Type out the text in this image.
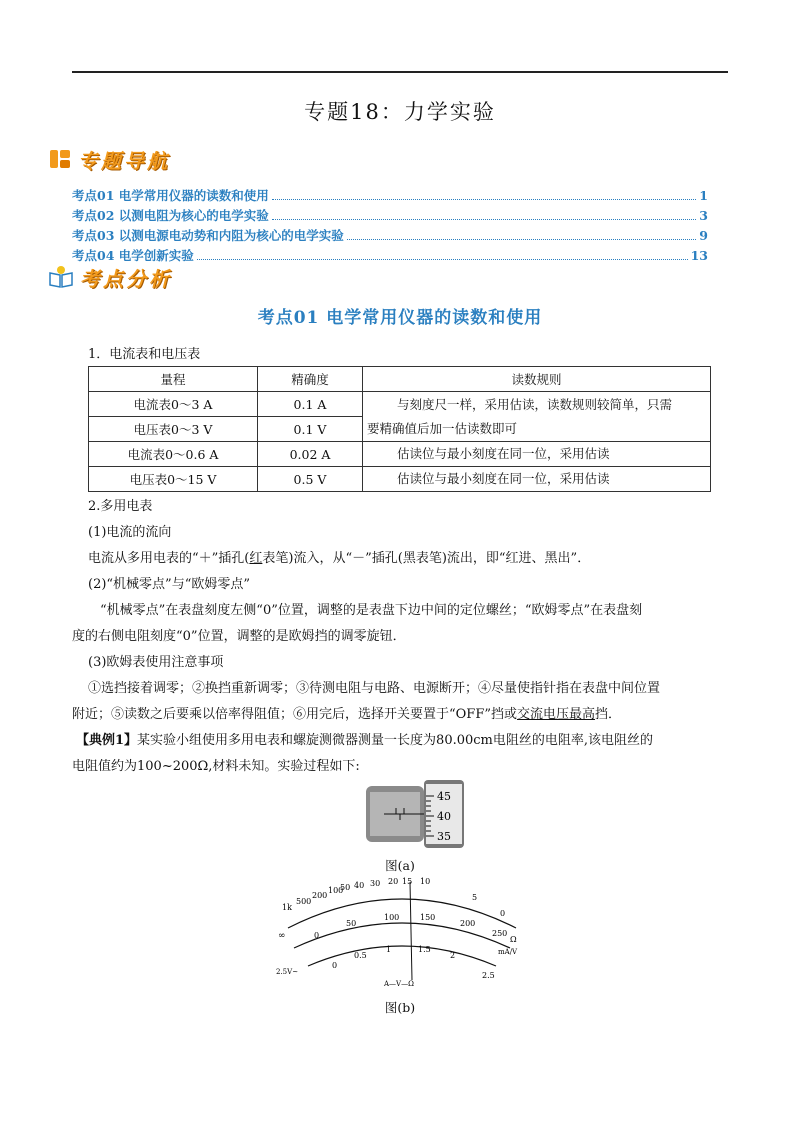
专题18：力学实验
专题导航
考点01 电学常用仪器的读数和使用	1
考点02 以测电阻为核心的电学实验	3
考点03 以测电源电动势和内阻为核心的电学实验	9
考点04 电学创新实验	13
考点分析
考点01 电学常用仪器的读数和使用
1．电流表和电压表
量程	精确度	读数规则
电流表0～3 A	0.1 A	与刻度尺一样，采用估读，读数规则较简单，只需
要精确值后加一估读数即可

电压表0～3 V	0.1 V	
电流表0～0.6 A	0.02 A	估读位与最小刻度在同一位，采用估读
电压表0～15 V	0.5 V	估读位与最小刻度在同一位，采用估读
2.多用电表
(1)电流的流向
电流从多用电表的“＋”插孔(红表笔)流入，从“－”插孔(黑表笔)流出，即“红进、黑出”．
(2)“机械零点”与“欧姆零点”
“机械零点”在表盘刻度左侧“0”位置，调整的是表盘下边中间的定位螺丝；“欧姆零点”在表盘刻
度的右侧电阻刻度“0”位置，调整的是欧姆挡的调零旋钮．
(3)欧姆表使用注意事项
①选挡接着调零；②换挡重新调零；③待测电阻与电路、电源断开；④尽量使指针指在表盘中间位置
附近；⑤读数之后要乘以倍率得阻值；⑥用完后，选择开关要置于“OFF”挡或交流电压最高挡．
【典例1】某实验小组使用多用电表和螺旋测微器测量一长度为80.00cm电阻丝的电阻率,该电阻丝的
电阻值约为100~200Ω,材料未知。实验过程如下:
45
40
35
图(a)
1k
500
200
100
50 40 30 20 15 10
5
0
0
50
100	150
200
250
0
0.5
1	1.5
2
2.5
∞	Ω
mA/V
2.5V~
A—V—Ω
图(b)
